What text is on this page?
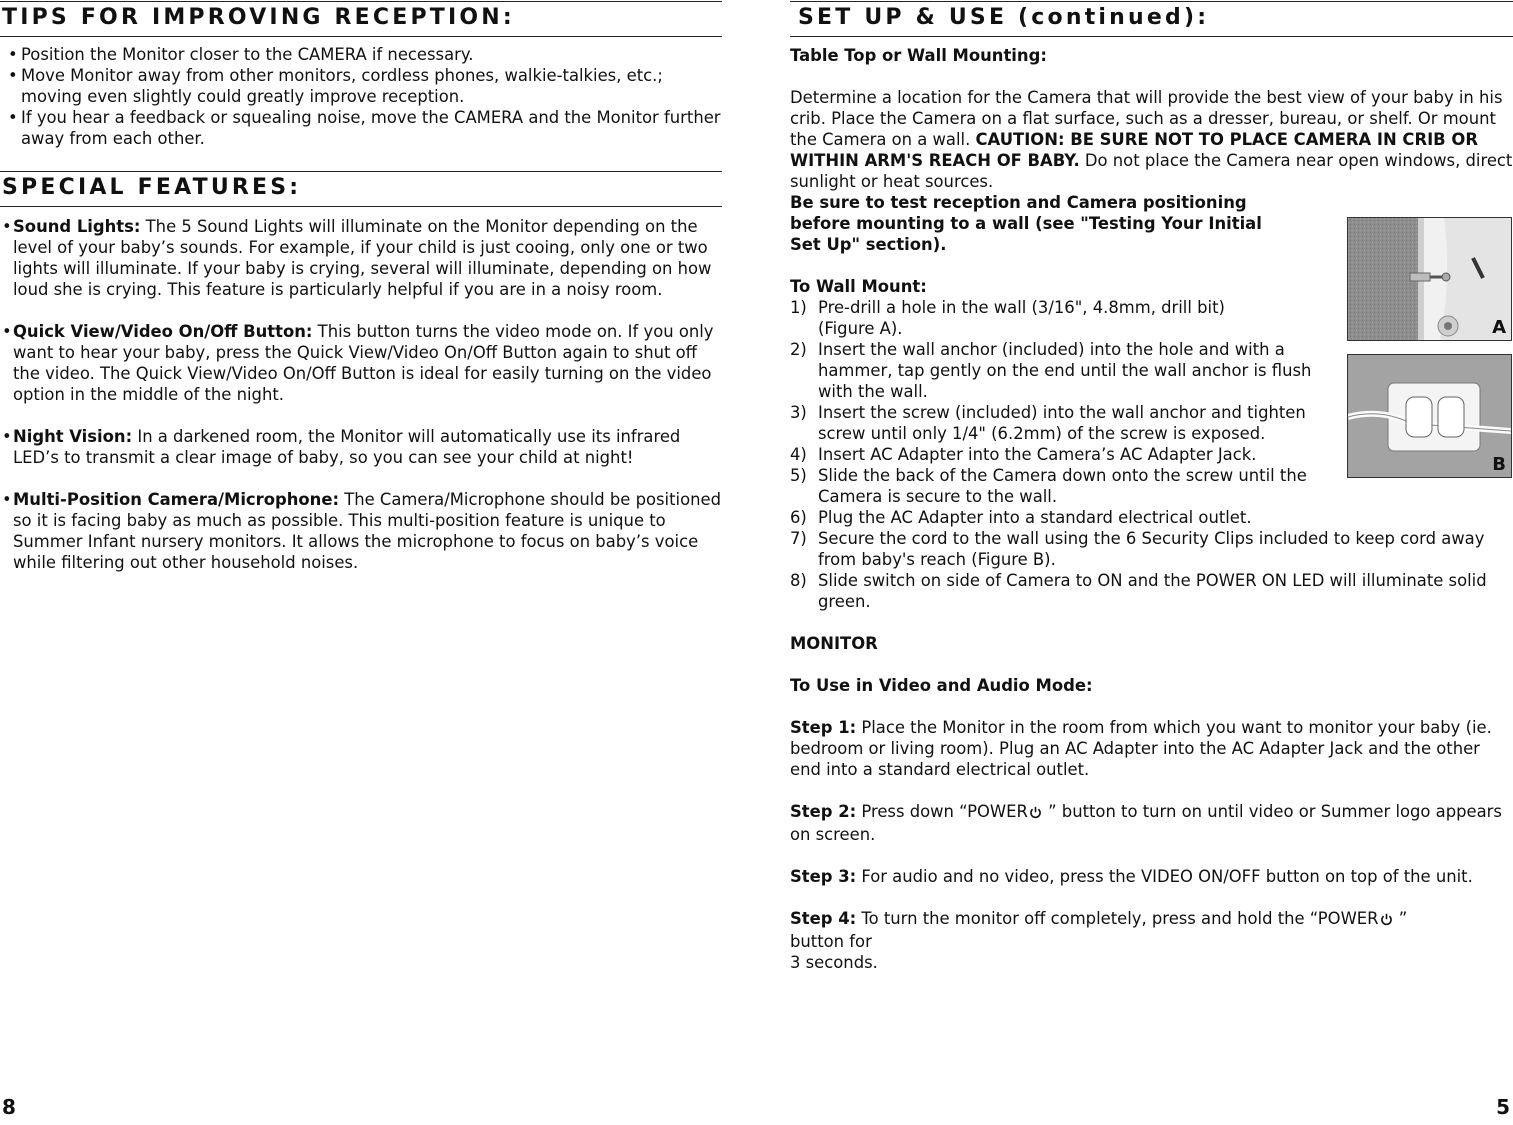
TIPS FOR IMPROVING RECEPTION:
• Position the Monitor closer to the CAMERA if necessary.
• Move Monitor away from other monitors, cordless phones, walkie-talkies, etc.; moving even slightly could greatly improve reception.
• If you hear a feedback or squealing noise, move the CAMERA and the Monitor further away from each other.
SPECIAL FEATURES:
• Sound Lights: The 5 Sound Lights will illuminate on the Monitor depending on the level of your baby’s sounds. For example, if your child is just cooing, only one or two lights will illuminate. If your baby is crying, several will illuminate, depending on how loud she is crying. This feature is particularly helpful if you are in a noisy room.
• Quick View/Video On/Off Button: This button turns the video mode on. If you only want to hear your baby, press the Quick View/Video On/Off Button again to shut off the video. The Quick View/Video On/Off Button is ideal for easily turning on the video option in the middle of the night.
• Night Vision: In a darkened room, the Monitor will automatically use its infrared LED’s to transmit a clear image of baby, so you can see your child at night!
• Multi-Position Camera/Microphone: The Camera/Microphone should be positioned so it is facing baby as much as possible. This multi-position feature is unique to Summer Infant nursery monitors. It allows the microphone to focus on baby’s voice while filtering out other household noises.
8
SET UP & USE (continued):
Table Top or Wall Mounting:
Determine a location for the Camera that will provide the best view of your baby in his crib. Place the Camera on a flat surface, such as a dresser, bureau, or shelf. Or mount the Camera on a wall. CAUTION: BE SURE NOT TO PLACE CAMERA IN CRIB OR WITHIN ARM'S REACH OF BABY. Do not place the Camera near open windows, direct sunlight or heat sources.
Be sure to test reception and Camera positioning
before mounting to a wall (see "Testing Your Initial
Set Up" section).
To Wall Mount:
1) Pre-drill a hole in the wall (3/16", 4.8mm, drill bit) (Figure A).
2) Insert the wall anchor (included) into the hole and with a hammer, tap gently on the end until the wall anchor is flush with the wall.
3) Insert the screw (included) into the wall anchor and tighten screw until only 1/4" (6.2mm) of the screw is exposed.
4) Insert AC Adapter into the Camera’s AC Adapter Jack.
5) Slide the back of the Camera down onto the screw until the Camera is secure to the wall.
6) Plug the AC Adapter into a standard electrical outlet.
7) Secure the cord to the wall using the 6 Security Clips included to keep cord away from baby's reach (Figure B).
8) Slide switch on side of Camera to ON and the POWER ON LED will illuminate solid green.
MONITOR
To Use in Video and Audio Mode:
Step 1: Place the Monitor in the room from which you want to monitor your baby (ie. bedroom or living room). Plug an AC Adapter into the AC Adapter Jack and the other end into a standard electrical outlet.
Step 2: Press down “POWER ” button to turn on until video or Summer logo appears on screen.
Step 3: For audio and no video, press the VIDEO ON/OFF button on top of the unit.
Step 4: To turn the monitor off completely, press and hold the “POWER ”
button for
3 seconds.
A
B
5
